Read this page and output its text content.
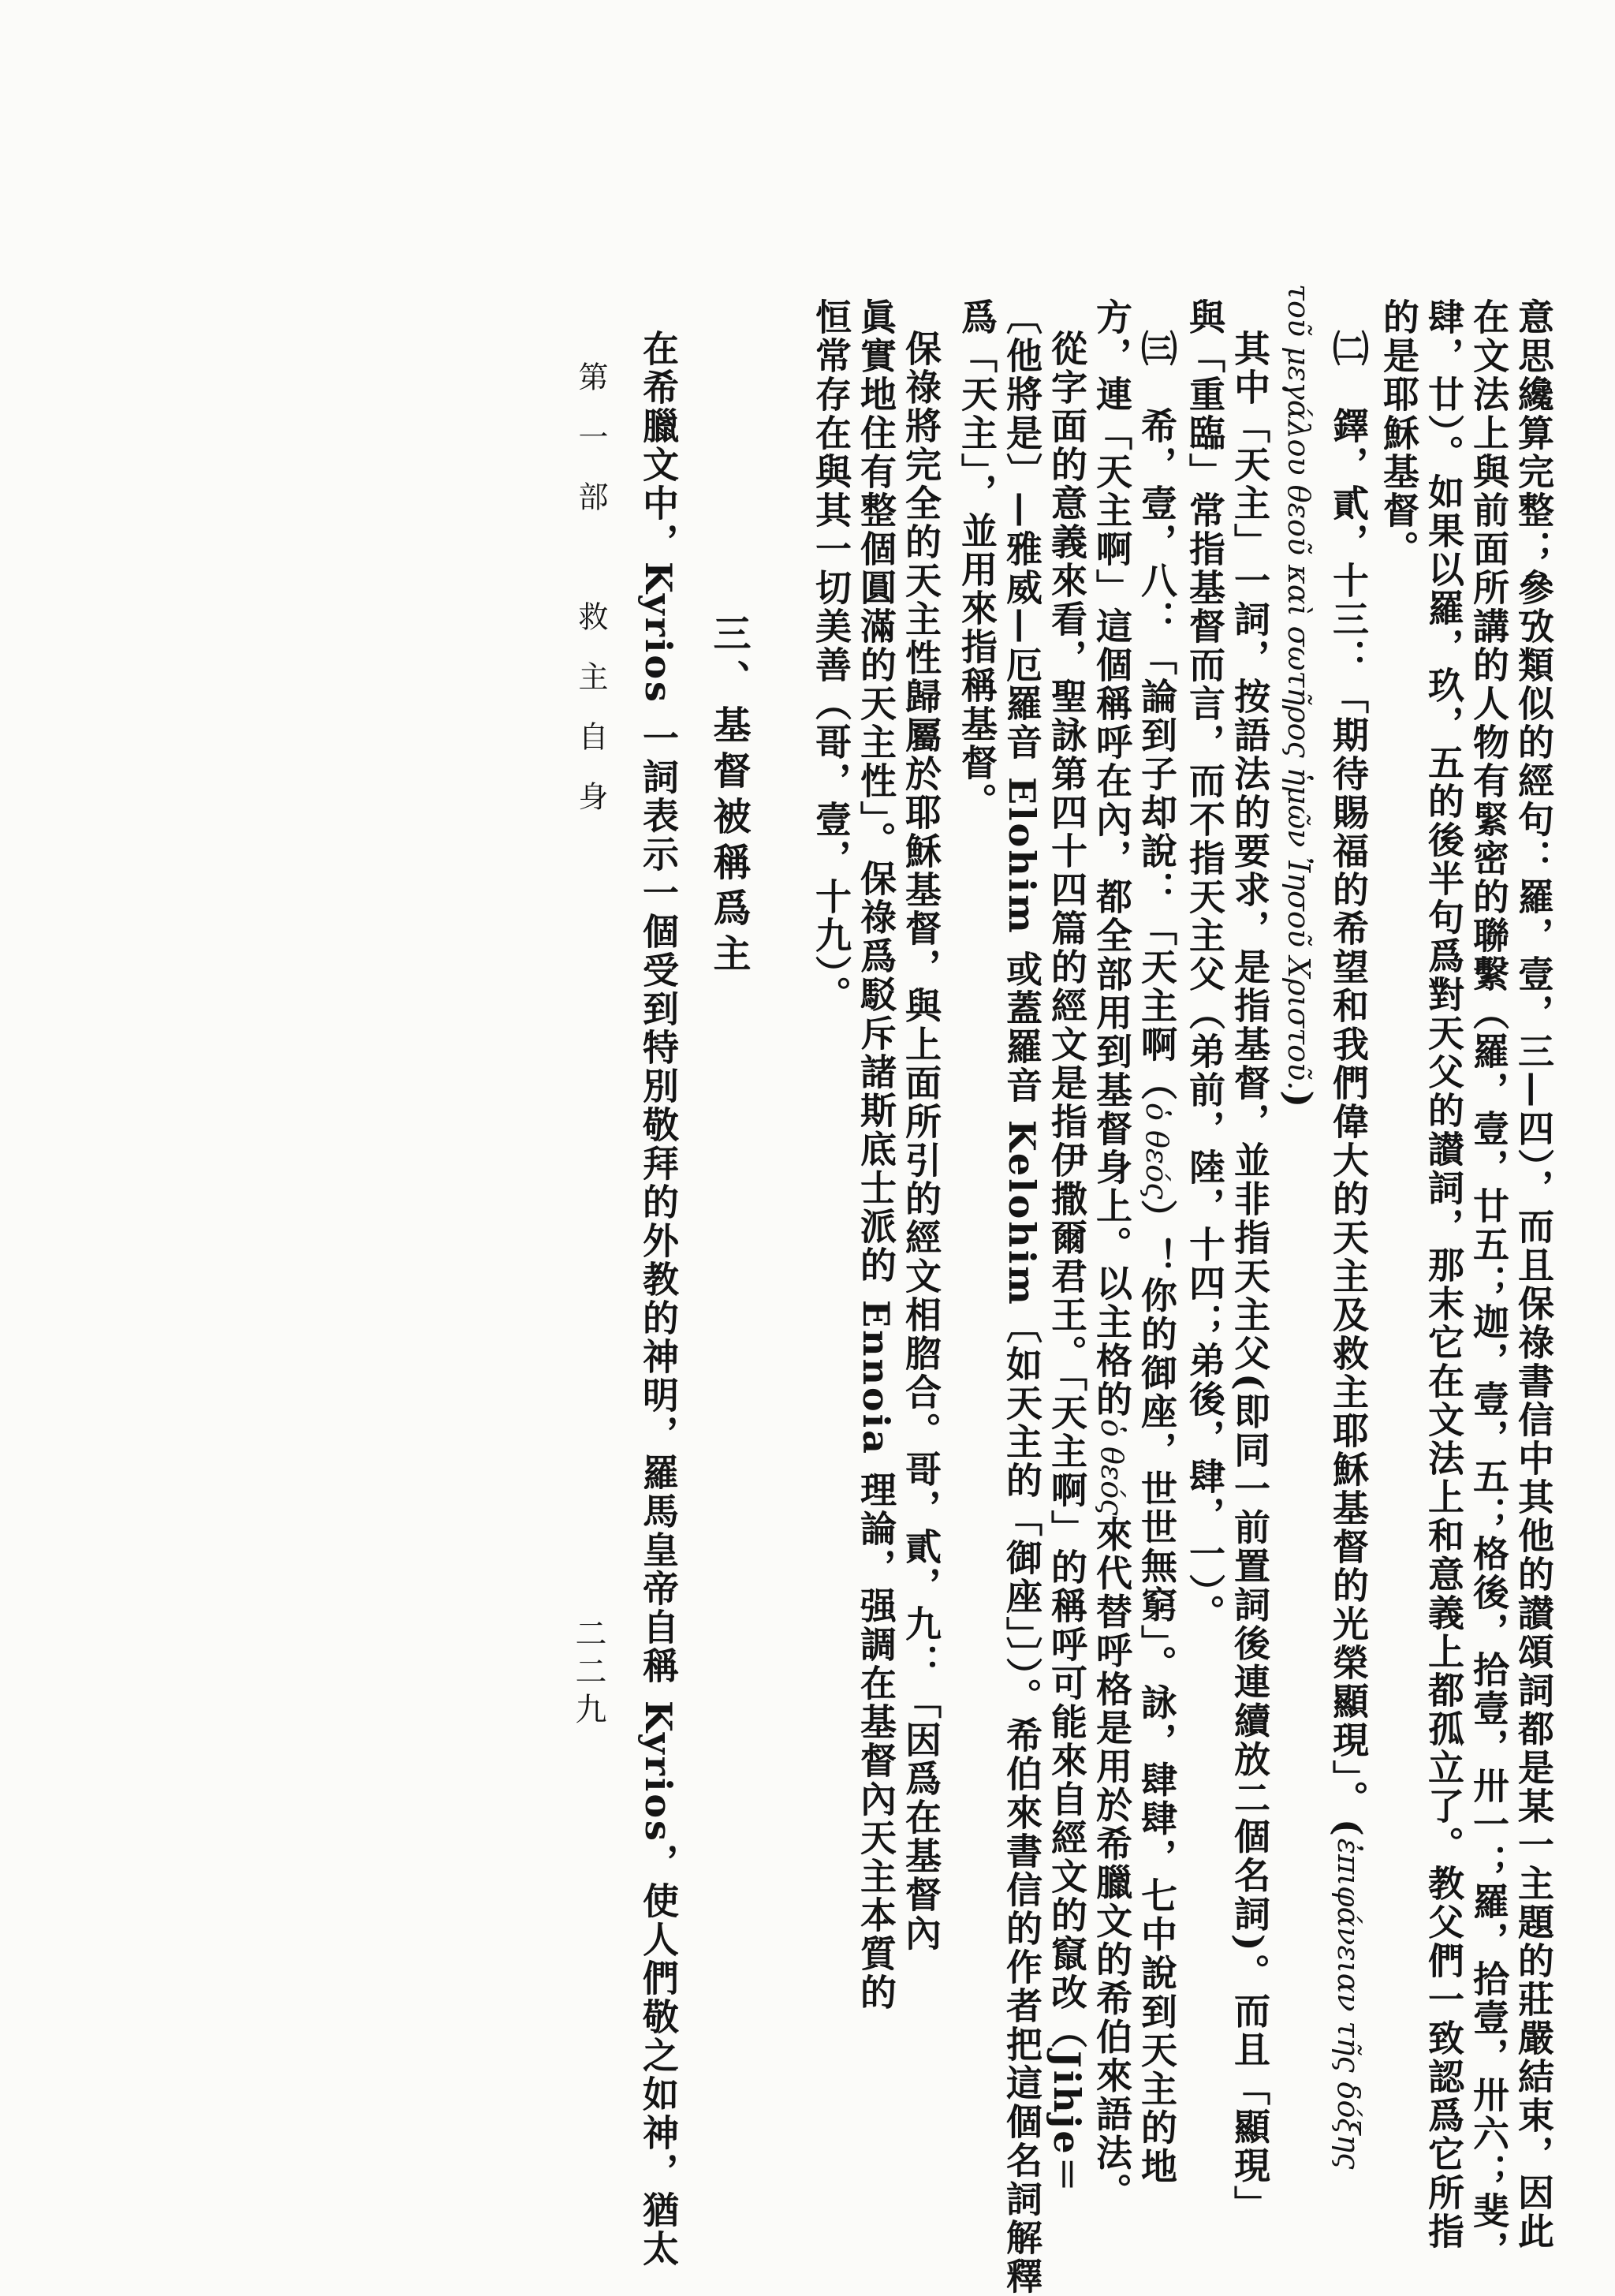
意思纔算完整；參攷類似的經句：羅，壹，三—四），而且保祿書信中其他的讃頌詞都是某一主題的莊嚴結束，因此
在文法上與前面所講的人物有緊密的聯繫（羅，壹，廿五；迦，壹，五；格後，拾壹，卅一；羅，拾壹，卅六；斐，
肆，廿）。如果以羅，玖，五的後半句爲對天父的讃詞，那末它在文法上和意義上都孤立了。教父們一致認爲它所指
的是耶穌基督。
㈡　鐸，貳，十三：「期待賜福的希望和我們偉大的天主及救主耶穌基督的光榮顯現」。(ἐπιφάνειαν τῆς δόξης
τοῦ μεγάλου θεοῦ καὶ σωτῆρος ἡμῶν Ἰησοῦ Χριστοῦ.)
其中「天主」一詞，按語法的要求，是指基督，並非指天主父(即同一前置詞後連續放二個名詞)。而且「顯現」
與「重臨」常指基督而言，而不指天主父（弟前，陸，十四；弟後，肆，一）。
㈢　希，壹，八：「論到子却說：「天主啊（ὁ θεός）！你的御座，世世無窮」。詠，肆肆，七中說到天主的地
方，連「天主啊」這個稱呼在內，都全部用到基督身上。以主格的ὁ θεός來代替呼格是用於希臘文的希伯來語法。
從字面的意義來看，聖詠第四十四篇的經文是指伊撒爾君王。「天主啊」的稱呼可能來自經文的竄改（Jihje＝
〔他將是〕—雅威—厄羅音 Elohim 或蓋羅音 Kelohim〔如天主的「御座」〕）。希伯來書信的作者把這個名詞解釋
爲「天主」，並用來指稱基督。
保祿將完全的天主性歸屬於耶穌基督，與上面所引的經文相脗合。哥，貳，九：「因爲在基督內
眞實地住有整個圓滿的天主性」。保祿爲駁斥諸斯底士派的 Ennoia 理論，强調在基督內天主本質的
恒常存在與其一切美善（哥，壹，十九）。
三、基督被稱爲主
在希臘文中，Kyrios 一詞表示一個受到特別敬拜的外教的神明，羅馬皇帝自稱 Kyrios，使人們敬之如神，猶太
第一部　救主自身
二二九
